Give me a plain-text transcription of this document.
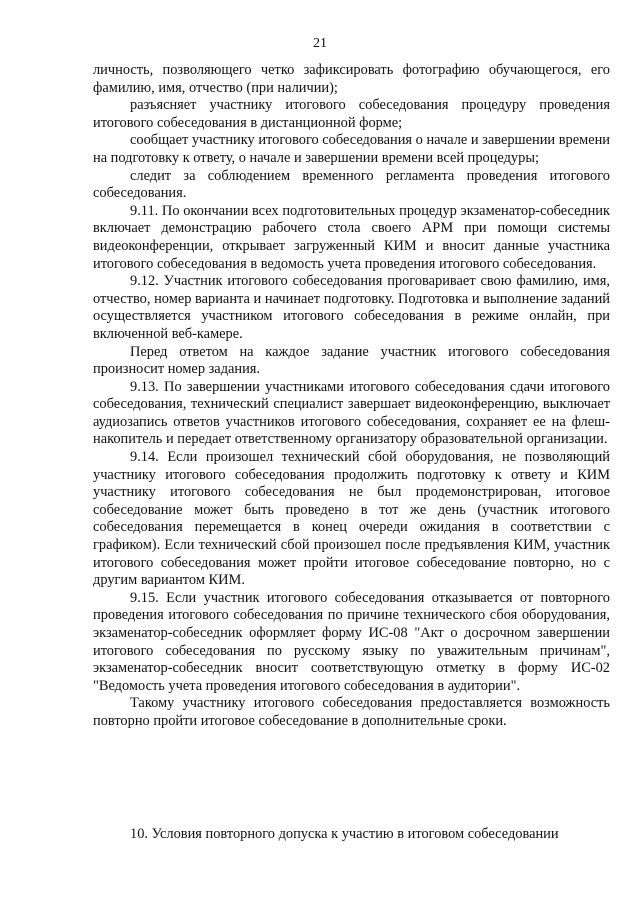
21

личность, позволяющего четко зафиксировать фотографию обучающегося, его фамилию, имя, отчество (при наличии);

разъясняет участнику итогового собеседования процедуру проведения итогового собеседования в дистанционной форме;

сообщает участнику итогового собеседования о начале и завершении времени на подготовку к ответу, о начале и завершении времени всей процедуры;

следит за соблюдением временного регламента проведения итогового собеседования.

9.11. По окончании всех подготовительных процедур экзаменатор-собеседник включает демонстрацию рабочего стола своего АРМ при помощи системы видеоконференции, открывает загруженный КИМ и вносит данные участника итогового собеседования в ведомость учета проведения итогового собеседования.

9.12. Участник итогового собеседования проговаривает свою фамилию, имя, отчество, номер варианта и начинает подготовку. Подготовка и выполнение заданий осуществляется участником итогового собеседования в режиме онлайн, при включенной веб-камере.

Перед ответом на каждое задание участник итогового собеседования произносит номер задания.

9.13. По завершении участниками итогового собеседования сдачи итогового собеседования, технический специалист завершает видеоконференцию, выключает аудиозапись ответов участников итогового собеседования, сохраняет ее на флеш-накопитель и передает ответственному организатору образовательной организации.

9.14. Если произошел технический сбой оборудования, не позволяющий участнику итогового собеседования продолжить подготовку к ответу и КИМ участнику итогового собеседования не был продемонстрирован, итоговое собеседование может быть проведено в тот же день (участник итогового собеседования перемещается в конец очереди ожидания в соответствии с графиком). Если технический сбой произошел после предъявления КИМ, участник итогового собеседования может пройти итоговое собеседование повторно, но с другим вариантом КИМ.

9.15. Если участник итогового собеседования отказывается от повторного проведения итогового собеседования по причине технического сбоя оборудования, экзаменатор-собеседник оформляет форму ИС-08 "Акт о досрочном завершении итогового собеседования по русскому языку по уважительным причинам", экзаменатор-собеседник вносит соответствующую отметку в форму ИС-02 "Ведомость учета проведения итогового собеседования в аудитории".

Такому участнику итогового собеседования предоставляется возможность повторно пройти итоговое собеседование в дополнительные сроки.

10. Условия повторного допуска к участию в итоговом собеседовании
